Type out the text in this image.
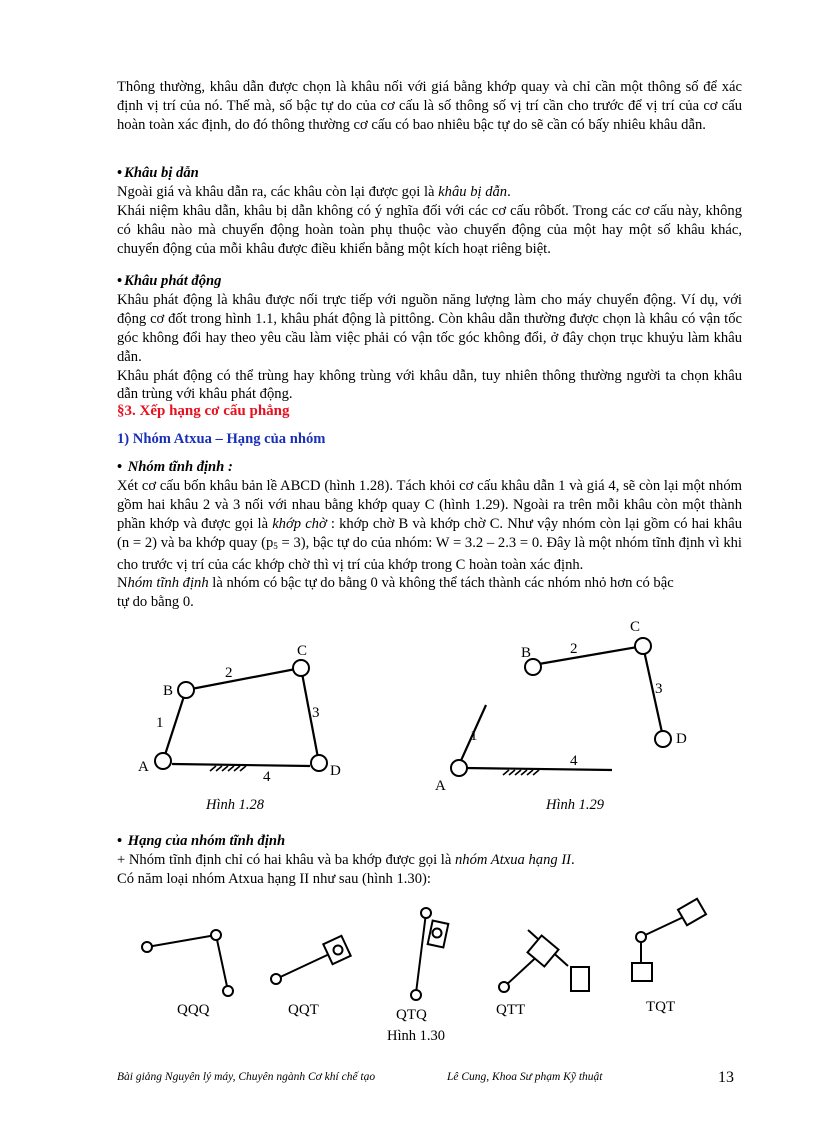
Thông thường, khâu dẫn được chọn là khâu nối với giá bằng khớp quay và chỉ cần một thông số để xác định vị trí của nó. Thế mà, số bậc tự do của cơ cấu là số thông số vị trí cần cho trước để vị trí của cơ cấu hoàn toàn xác định, do đó thông thường cơ cấu có bao nhiêu bậc tự do sẽ cần có bấy nhiêu khâu dẫn.

• Khâu bị dẫn

Ngoài giá và khâu dẫn ra, các khâu còn lại được gọi là khâu bị dẫn.

Khái niệm khâu dẫn, khâu bị dẫn không có ý nghĩa đối với các cơ cấu rôbốt. Trong các cơ cấu này, không có khâu nào mà chuyển động hoàn toàn phụ thuộc vào chuyển động của một hay một số khâu khác, chuyển động của mỗi khâu được điều khiển bằng một kích hoạt riêng biệt.

• Khâu phát động

Khâu phát động là khâu được nối trực tiếp với nguồn năng lượng làm cho máy chuyển động. Ví dụ, với động cơ đốt trong hình 1.1, khâu phát động là pittông. Còn khâu dẫn thường được chọn là khâu có vận tốc góc không đổi hay theo yêu cầu làm việc phải có vận tốc góc không đổi, ở đây chọn trục khuỷu làm khâu dẫn.

Khâu phát động có thể trùng hay không trùng với khâu dẫn, tuy nhiên thông thường người ta chọn khâu dẫn trùng với khâu phát động.

§3. Xếp hạng cơ cấu phẳng
1) Nhóm Atxua – Hạng của nhóm
• Nhóm tĩnh định :

Xét cơ cấu bốn khâu bản lề ABCD (hình 1.28). Tách khỏi cơ cấu khâu dẫn 1 và giá 4, sẽ còn lại một nhóm gồm hai khâu 2 và 3 nối với nhau bằng khớp quay C (hình 1.29). Ngoài ra trên mỗi khâu còn một thành phần khớp và được gọi là khớp chờ : khớp chờ B và khớp chờ C. Như vậy nhóm còn lại gồm có hai khâu (n = 2) và ba khớp quay $(p_5 = 3)$, bậc tự do của nhóm: W = 3.2 – 2.3 = 0. Đây là một nhóm tĩnh định vì khi cho trước vị trí của các khớp chờ thì vị trí của khớp trong C hoàn toàn xác định.

Nhóm tĩnh định là nhóm có bậc tự do bằng 0 và không thể tách thành các nhóm nhỏ hơn có bậc tự do bằng 0.

A
B
C
D
1
2
3
4
Hình 1.28
B
C
D
A
1
2
3
4
Hình 1.29
• Hạng của nhóm tĩnh định

+ Nhóm tĩnh định chỉ có hai khâu và ba khớp được gọi là nhóm Atxua hạng II.

Có năm loại nhóm Atxua hạng II như sau (hình 1.30):

QQQ	QQT	QTQ	QTT	TQT
Hình 1.30
Bài giảng Nguyên lý máy, Chuyên ngành Cơ khí chế tạo	Lê Cung, Khoa Sư phạm Kỹ thuật	13
